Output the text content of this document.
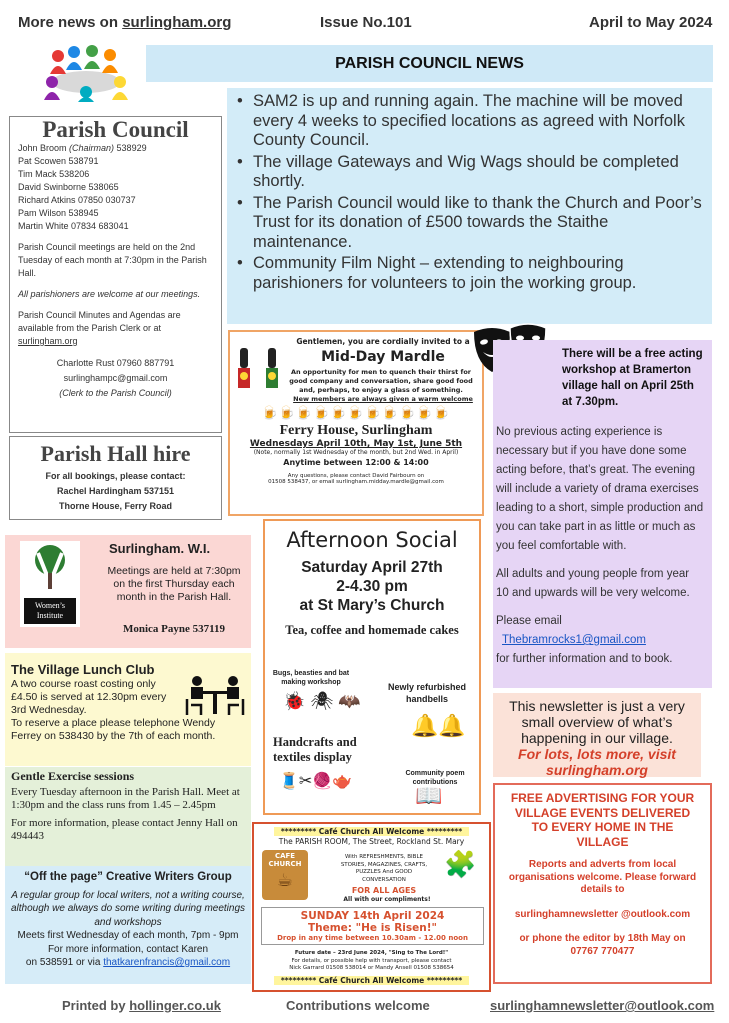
More news on surlingham.org	Issue No.101	April to May 2024
PARISH COUNCIL NEWS
• SAM2 is up and running again. The machine will be moved every 4 weeks to specified locations as agreed with Norfolk County Council.
• The village Gateways and Wig Wags should be completed shortly.
• The Parish Council would like to thank the Church and Poor’s Trust for its donation of £500 towards the Staithe maintenance.
• Community Film Night – extending to neighbouring parishioners for volunteers to join the working group.
Parish Council
John Broom (Chairman) 538929
Pat Scowen 538791
Tim Mack 538206
David Swinborne 538065
Richard Atkins 07850 030737
Pam Wilson 538945
Martin White 07834 683041

Parish Council meetings are held on the 2nd Tuesday of each month at 7:30pm in the Parish Hall.

All parishioners are welcome at our meetings.

Parish Council Minutes and Agendas are available from the Parish Clerk or at surlingham.org

Charlotte Rust 07960 887791
surlinghampc@gmail.com
(Clerk to the Parish Council)
Parish Hall hire
For all bookings, please contact:
Rachel Hardingham 537151
Thorne House, Ferry Road
Gentlemen, you are cordially invited to a
Mid-Day Mardle
An opportunity for men to quench their thirst for good company and conversation, share good food and, perhaps, to enjoy a glass of something.
New members are always given a warm welcome
🍺🍺🍺🍺🍺🍺🍺🍺🍺🍺🍺
Ferry House, Surlingham
Wednesdays April 10th, May 1st, June 5th
(Note, normally 1st Wednesday of the month, but 2nd Wed. in April)
Anytime between 12:00 & 14:00
Any questions, please contact David Fairbourn on
01508 538437, or email surlingham.midday.mardle@gmail.com
There will be a free acting workshop at Bramerton village hall on April 25th at 7.30pm.

No previous acting experience is necessary but if you have done some acting before, that’s great. The evening will include a variety of drama exercises leading to a short, simple production and you can take part in as little or much as you feel comfortable with.

All adults and young people from year 10 and upwards will be very welcome.

Please email

Thebramrocks1@gmail.com

for further information and to book.

Women’s Institute
Surlingham. W.I.
Meetings are held at 7:30pm on the first Thursday each month in the Parish Hall.
Monica Payne 537119
The Village Lunch Club
A two course roast costing only £4.50 is served at 12.30pm every 3rd Wednesday.
To reserve a place please telephone Wendy Ferrey on 538430 by the 7th of each month.
Gentle Exercise sessions
Every Tuesday afternoon in the Parish Hall. Meet at 1:30pm and the class runs from 1.45 – 2.45pm
For more information, please contact Jenny Hall on 494443
“Off the page” Creative Writers Group
A regular group for local writers, not a writing course, although we always do some writing during meetings and workshops
Meets first Wednesday of each month, 7pm - 9pm
For more information, contact Karen
on 538591 or via thatkarenfrancis@gmail.com
Afternoon Social
Saturday April 27th
2-4.30 pm
at St Mary’s Church
Tea, coffee and homemade cakes
Bugs, beasties and bat making workshop
🐞 🕷 🦇
Newly refurbished handbells
🔔🔔
Handcrafts and textiles display
🧵✂🧶🫖	Community poem contributions
📖
This newsletter is just a very small overview of what’s happening in our village.
For lots, lots more, visit surlingham.org
FREE ADVERTISING FOR YOUR VILLAGE EVENTS DELIVERED TO EVERY HOME IN THE VILLAGE
Reports and adverts from local organisations welcome. Please forward details to
surlinghamnewsletter @outlook.com
or phone the editor by 18th May on 07767 770477
********* Café Church All Welcome *********
The PARISH ROOM, The Street, Rockland St. Mary
CAFE CHURCH
☕
With REFRESHMENTS, BIBLE STORIES, MAGAZINES, CRAFTS, PUZZLES And GOOD CONVERSATION
FOR ALL AGES
All with our compliments!
🧩
SUNDAY 14th April 2024
Theme: "He is Risen!"
Drop in any time between 10.30am - 12.00 noon
Future date – 23rd June 2024, "Sing to The Lord!"
For details, or possible help with transport, please contact
Nick Garrard 01508 538014 or Mandy Ansell 01508 538654
********* Café Church All Welcome *********
Printed by hollinger.co.uk	Contributions welcome	surlinghamnewsletter@outlook.com
